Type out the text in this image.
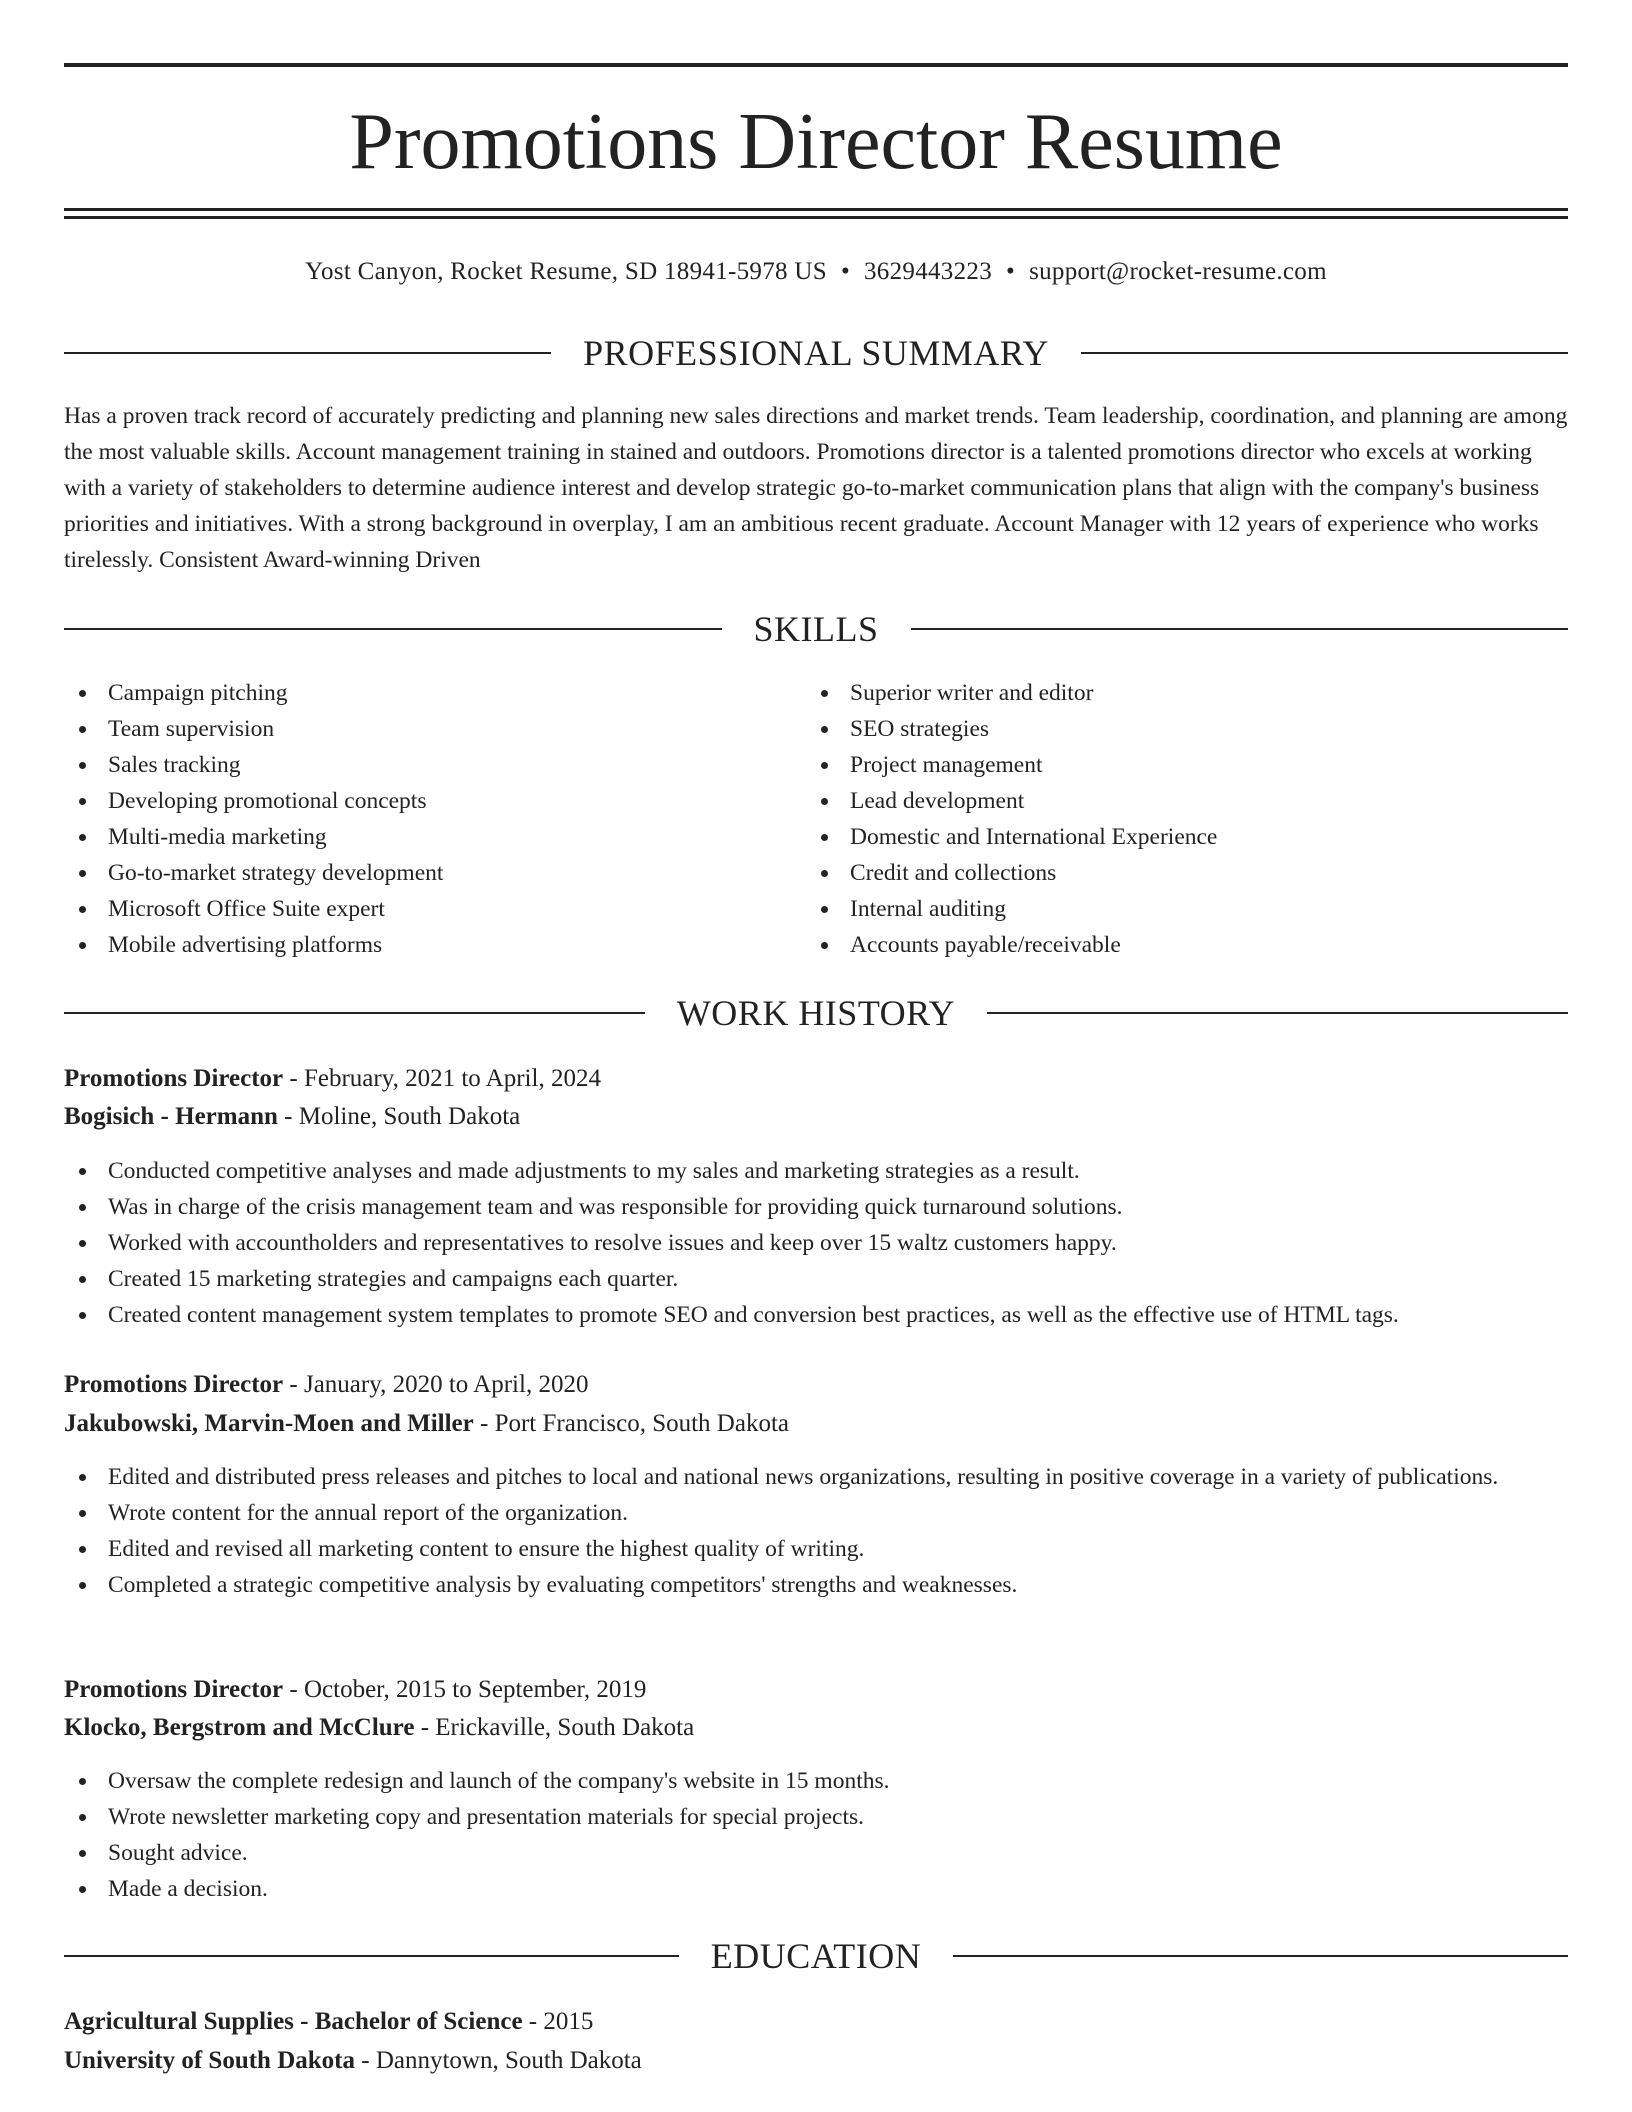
Promotions Director Resume
Yost Canyon, Rocket Resume, SD 18941-5978 US • 3629443223 • support@rocket-resume.com
PROFESSIONAL SUMMARY

Has a proven track record of accurately predicting and planning new sales directions and market trends. Team leadership, coordination, and planning are among the most valuable skills. Account management training in stained and outdoors. Promotions director is a talented promotions director who excels at working with a variety of stakeholders to determine audience interest and develop strategic go-to-market communication plans that align with the company's business priorities and initiatives. With a strong background in overplay, I am an ambitious recent graduate. Account Manager with 12 years of experience who works tirelessly. Consistent Award-winning Driven

SKILLS
Campaign pitching
Team supervision
Sales tracking
Developing promotional concepts
Multi-media marketing
Go-to-market strategy development
Microsoft Office Suite expert
Mobile advertising platforms
Superior writer and editor
SEO strategies
Project management
Lead development
Domestic and International Experience
Credit and collections
Internal auditing
Accounts payable/receivable
WORK HISTORY
Promotions Director - February, 2021 to April, 2024
Bogisich - Hermann - Moline, South Dakota
Conducted competitive analyses and made adjustments to my sales and marketing strategies as a result.
Was in charge of the crisis management team and was responsible for providing quick turnaround solutions.
Worked with accountholders and representatives to resolve issues and keep over 15 waltz customers happy.
Created 15 marketing strategies and campaigns each quarter.
Created content management system templates to promote SEO and conversion best practices, as well as the effective use of HTML tags.
Promotions Director - January, 2020 to April, 2020
Jakubowski, Marvin-Moen and Miller - Port Francisco, South Dakota
Edited and distributed press releases and pitches to local and national news organizations, resulting in positive coverage in a variety of publications.
Wrote content for the annual report of the organization.
Edited and revised all marketing content to ensure the highest quality of writing.
Completed a strategic competitive analysis by evaluating competitors' strengths and weaknesses.
Promotions Director - October, 2015 to September, 2019
Klocko, Bergstrom and McClure - Erickaville, South Dakota
Oversaw the complete redesign and launch of the company's website in 15 months.
Wrote newsletter marketing copy and presentation materials for special projects.
Sought advice.
Made a decision.
EDUCATION
Agricultural Supplies - Bachelor of Science - 2015
University of South Dakota - Dannytown, South Dakota
